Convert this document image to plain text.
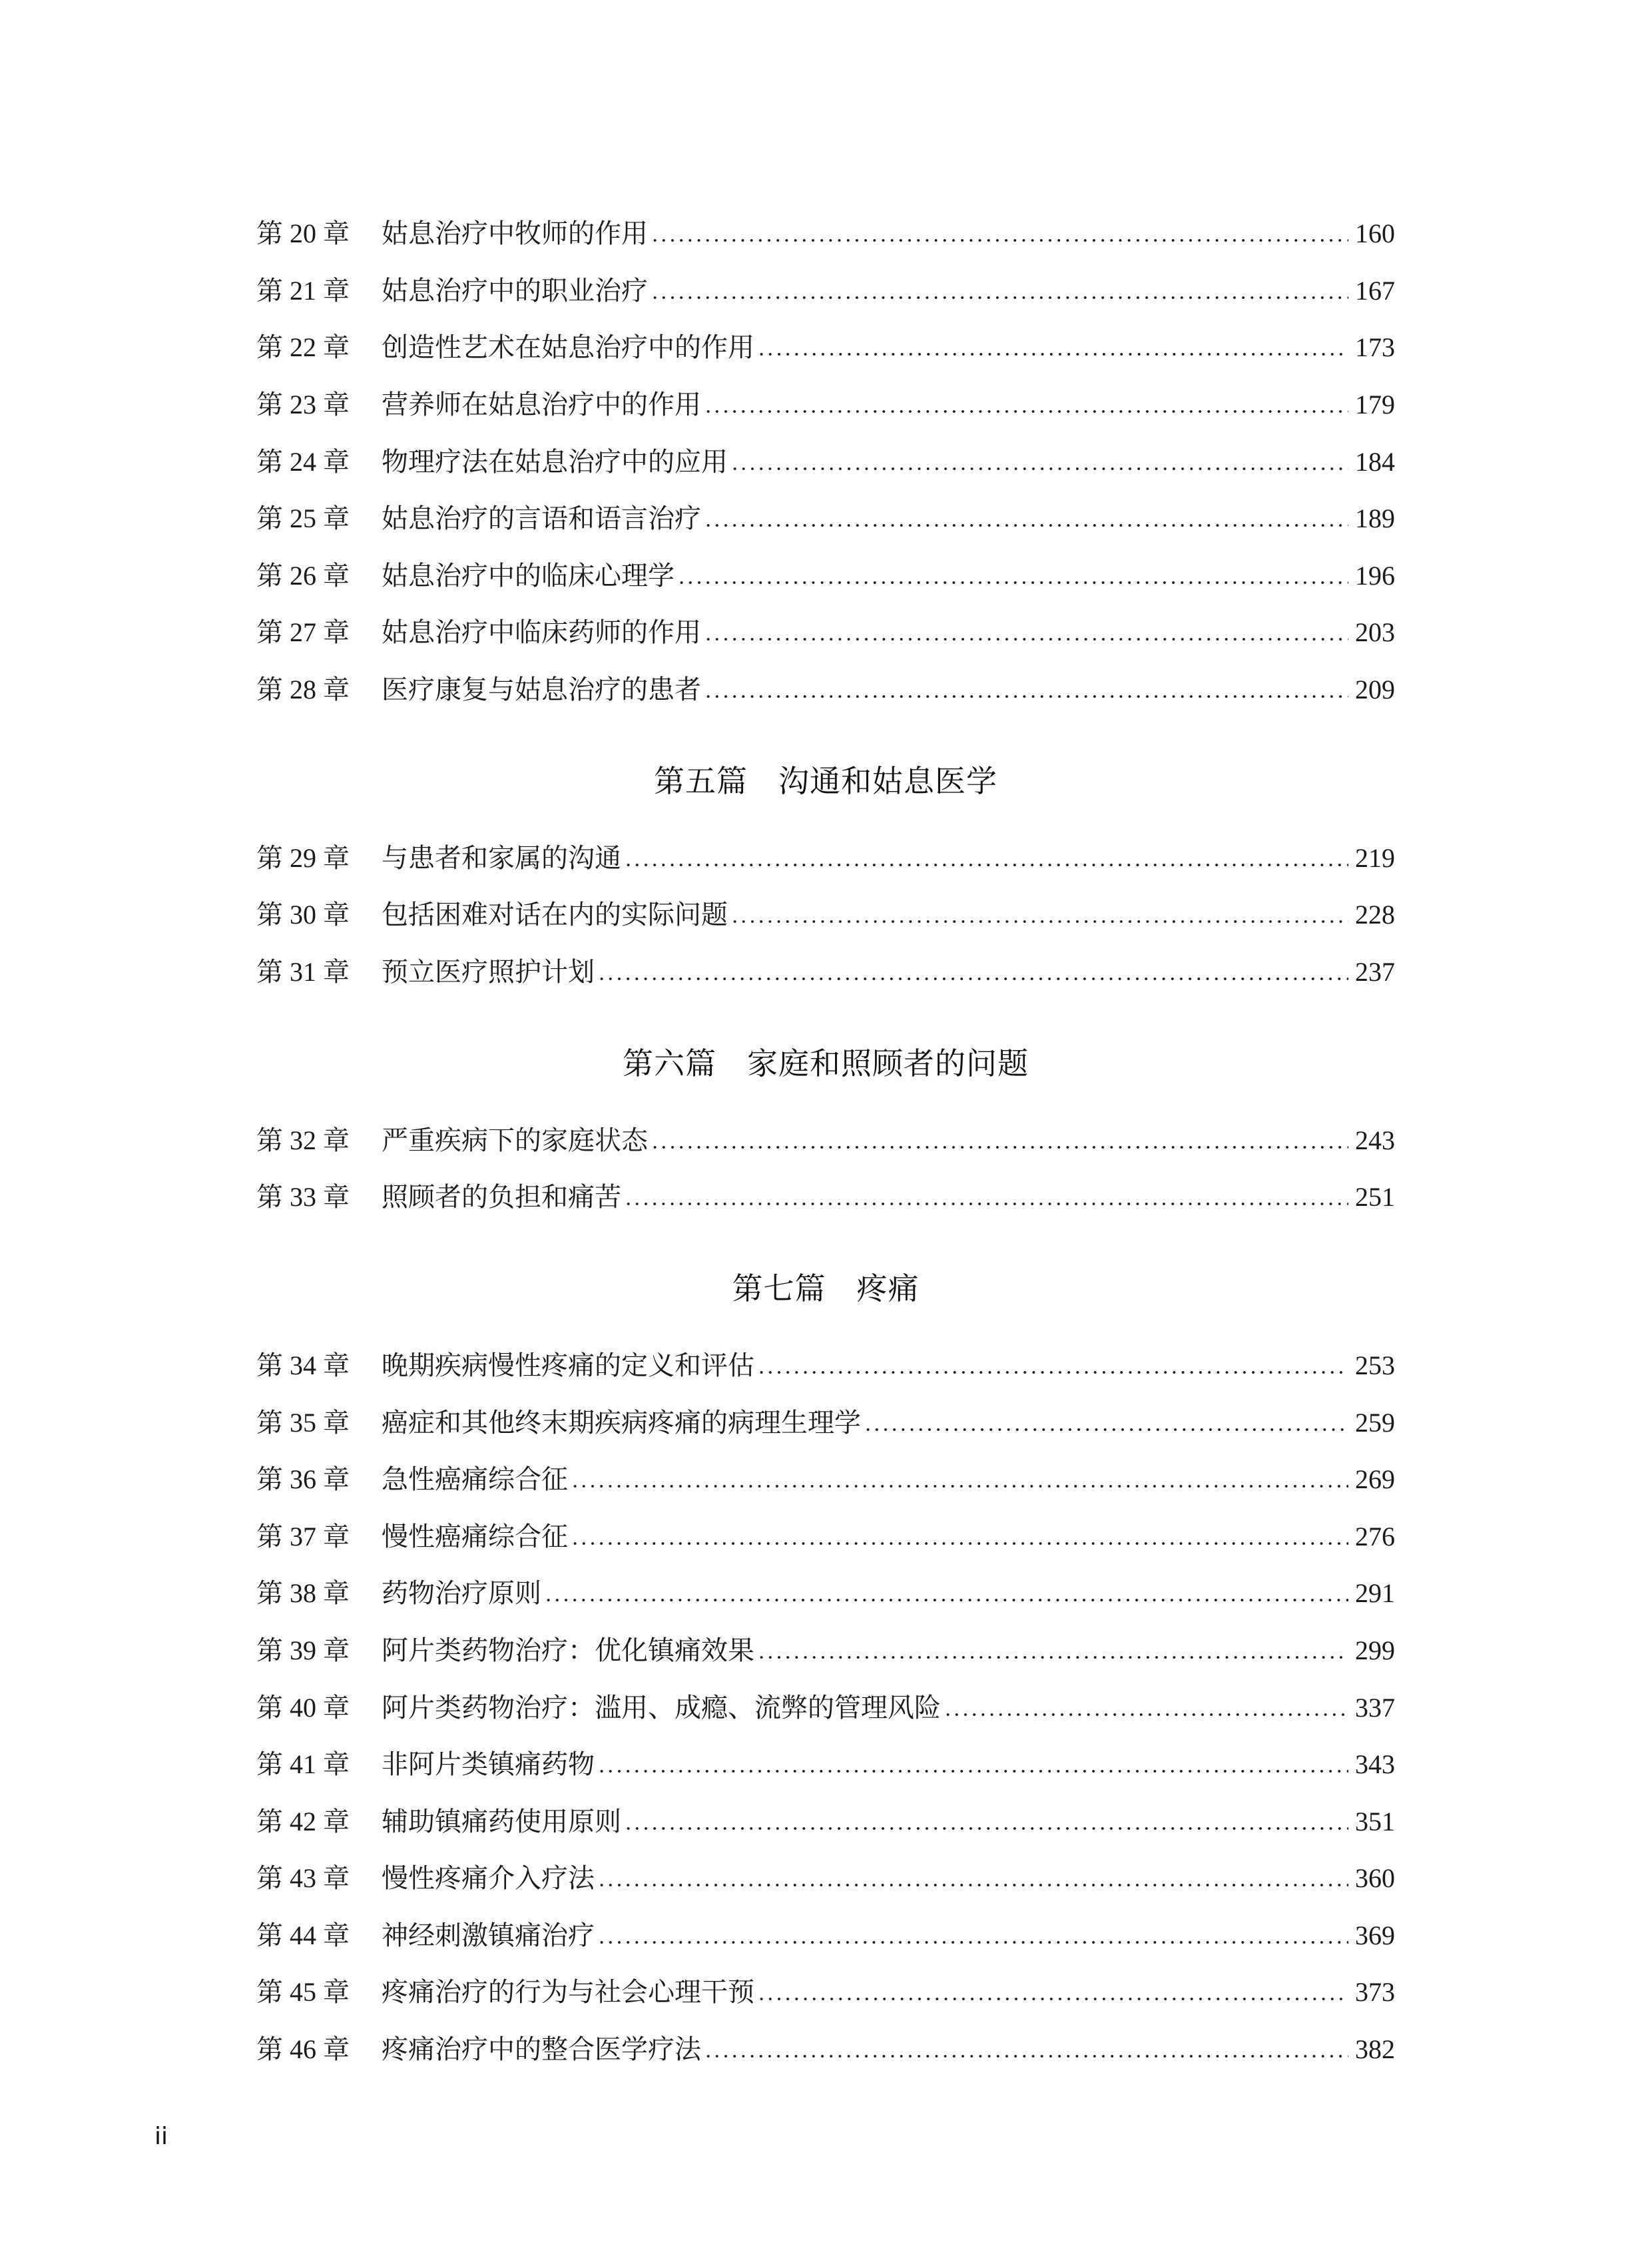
第 20 章	姑息治疗中牧师的作用	160
第 21 章	姑息治疗中的职业治疗	167
第 22 章	创造性艺术在姑息治疗中的作用	173
第 23 章	营养师在姑息治疗中的作用	179
第 24 章	物理疗法在姑息治疗中的应用	184
第 25 章	姑息治疗的言语和语言治疗	189
第 26 章	姑息治疗中的临床心理学	196
第 27 章	姑息治疗中临床药师的作用	203
第 28 章	医疗康复与姑息治疗的患者	209
第五篇 沟通和姑息医学
第 29 章	与患者和家属的沟通	219
第 30 章	包括困难对话在内的实际问题	228
第 31 章	预立医疗照护计划	237
第六篇 家庭和照顾者的问题
第 32 章	严重疾病下的家庭状态	243
第 33 章	照顾者的负担和痛苦	251
第七篇 疼痛
第 34 章	晚期疾病慢性疼痛的定义和评估	253
第 35 章	癌症和其他终末期疾病疼痛的病理生理学	259
第 36 章	急性癌痛综合征	269
第 37 章	慢性癌痛综合征	276
第 38 章	药物治疗原则	291
第 39 章	阿片类药物治疗：优化镇痛效果	299
第 40 章	阿片类药物治疗：滥用、成瘾、流弊的管理风险	337
第 41 章	非阿片类镇痛药物	343
第 42 章	辅助镇痛药使用原则	351
第 43 章	慢性疼痛介入疗法	360
第 44 章	神经刺激镇痛治疗	369
第 45 章	疼痛治疗的行为与社会心理干预	373
第 46 章	疼痛治疗中的整合医学疗法	382
ii
